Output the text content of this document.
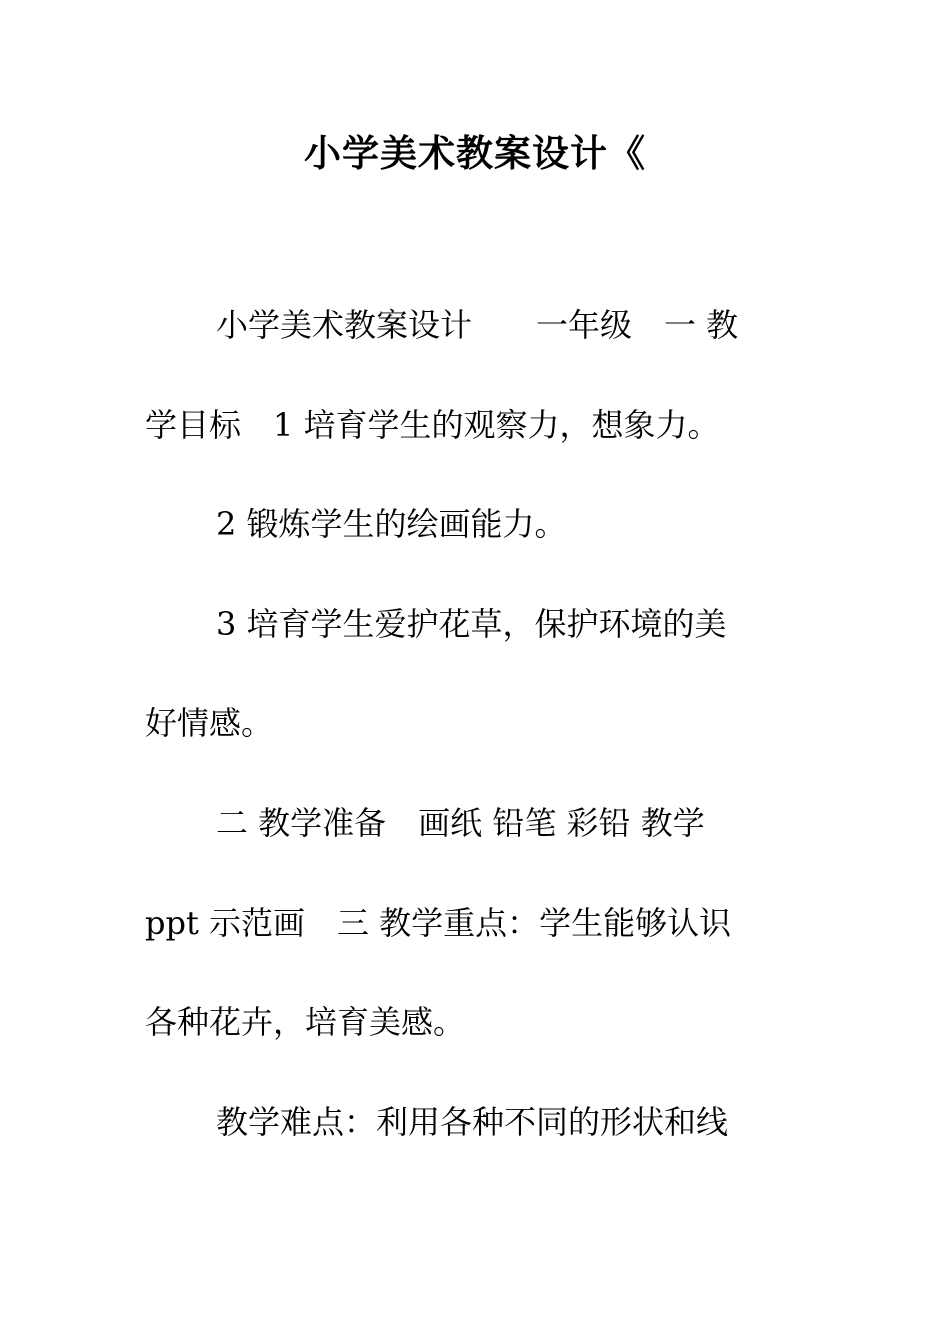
小学美术教案设计《
小学美术教案设计　　一年级　一 教
学目标　1 培育学生的观察力，想象力。
2 锻炼学生的绘画能力。
3 培育学生爱护花草，保护环境的美
好情感。
二 教学准备　画纸 铅笔 彩铅 教学
ppt 示范画　三 教学重点：学生能够认识
各种花卉，培育美感。
教学难点：利用各种不同的形状和线
